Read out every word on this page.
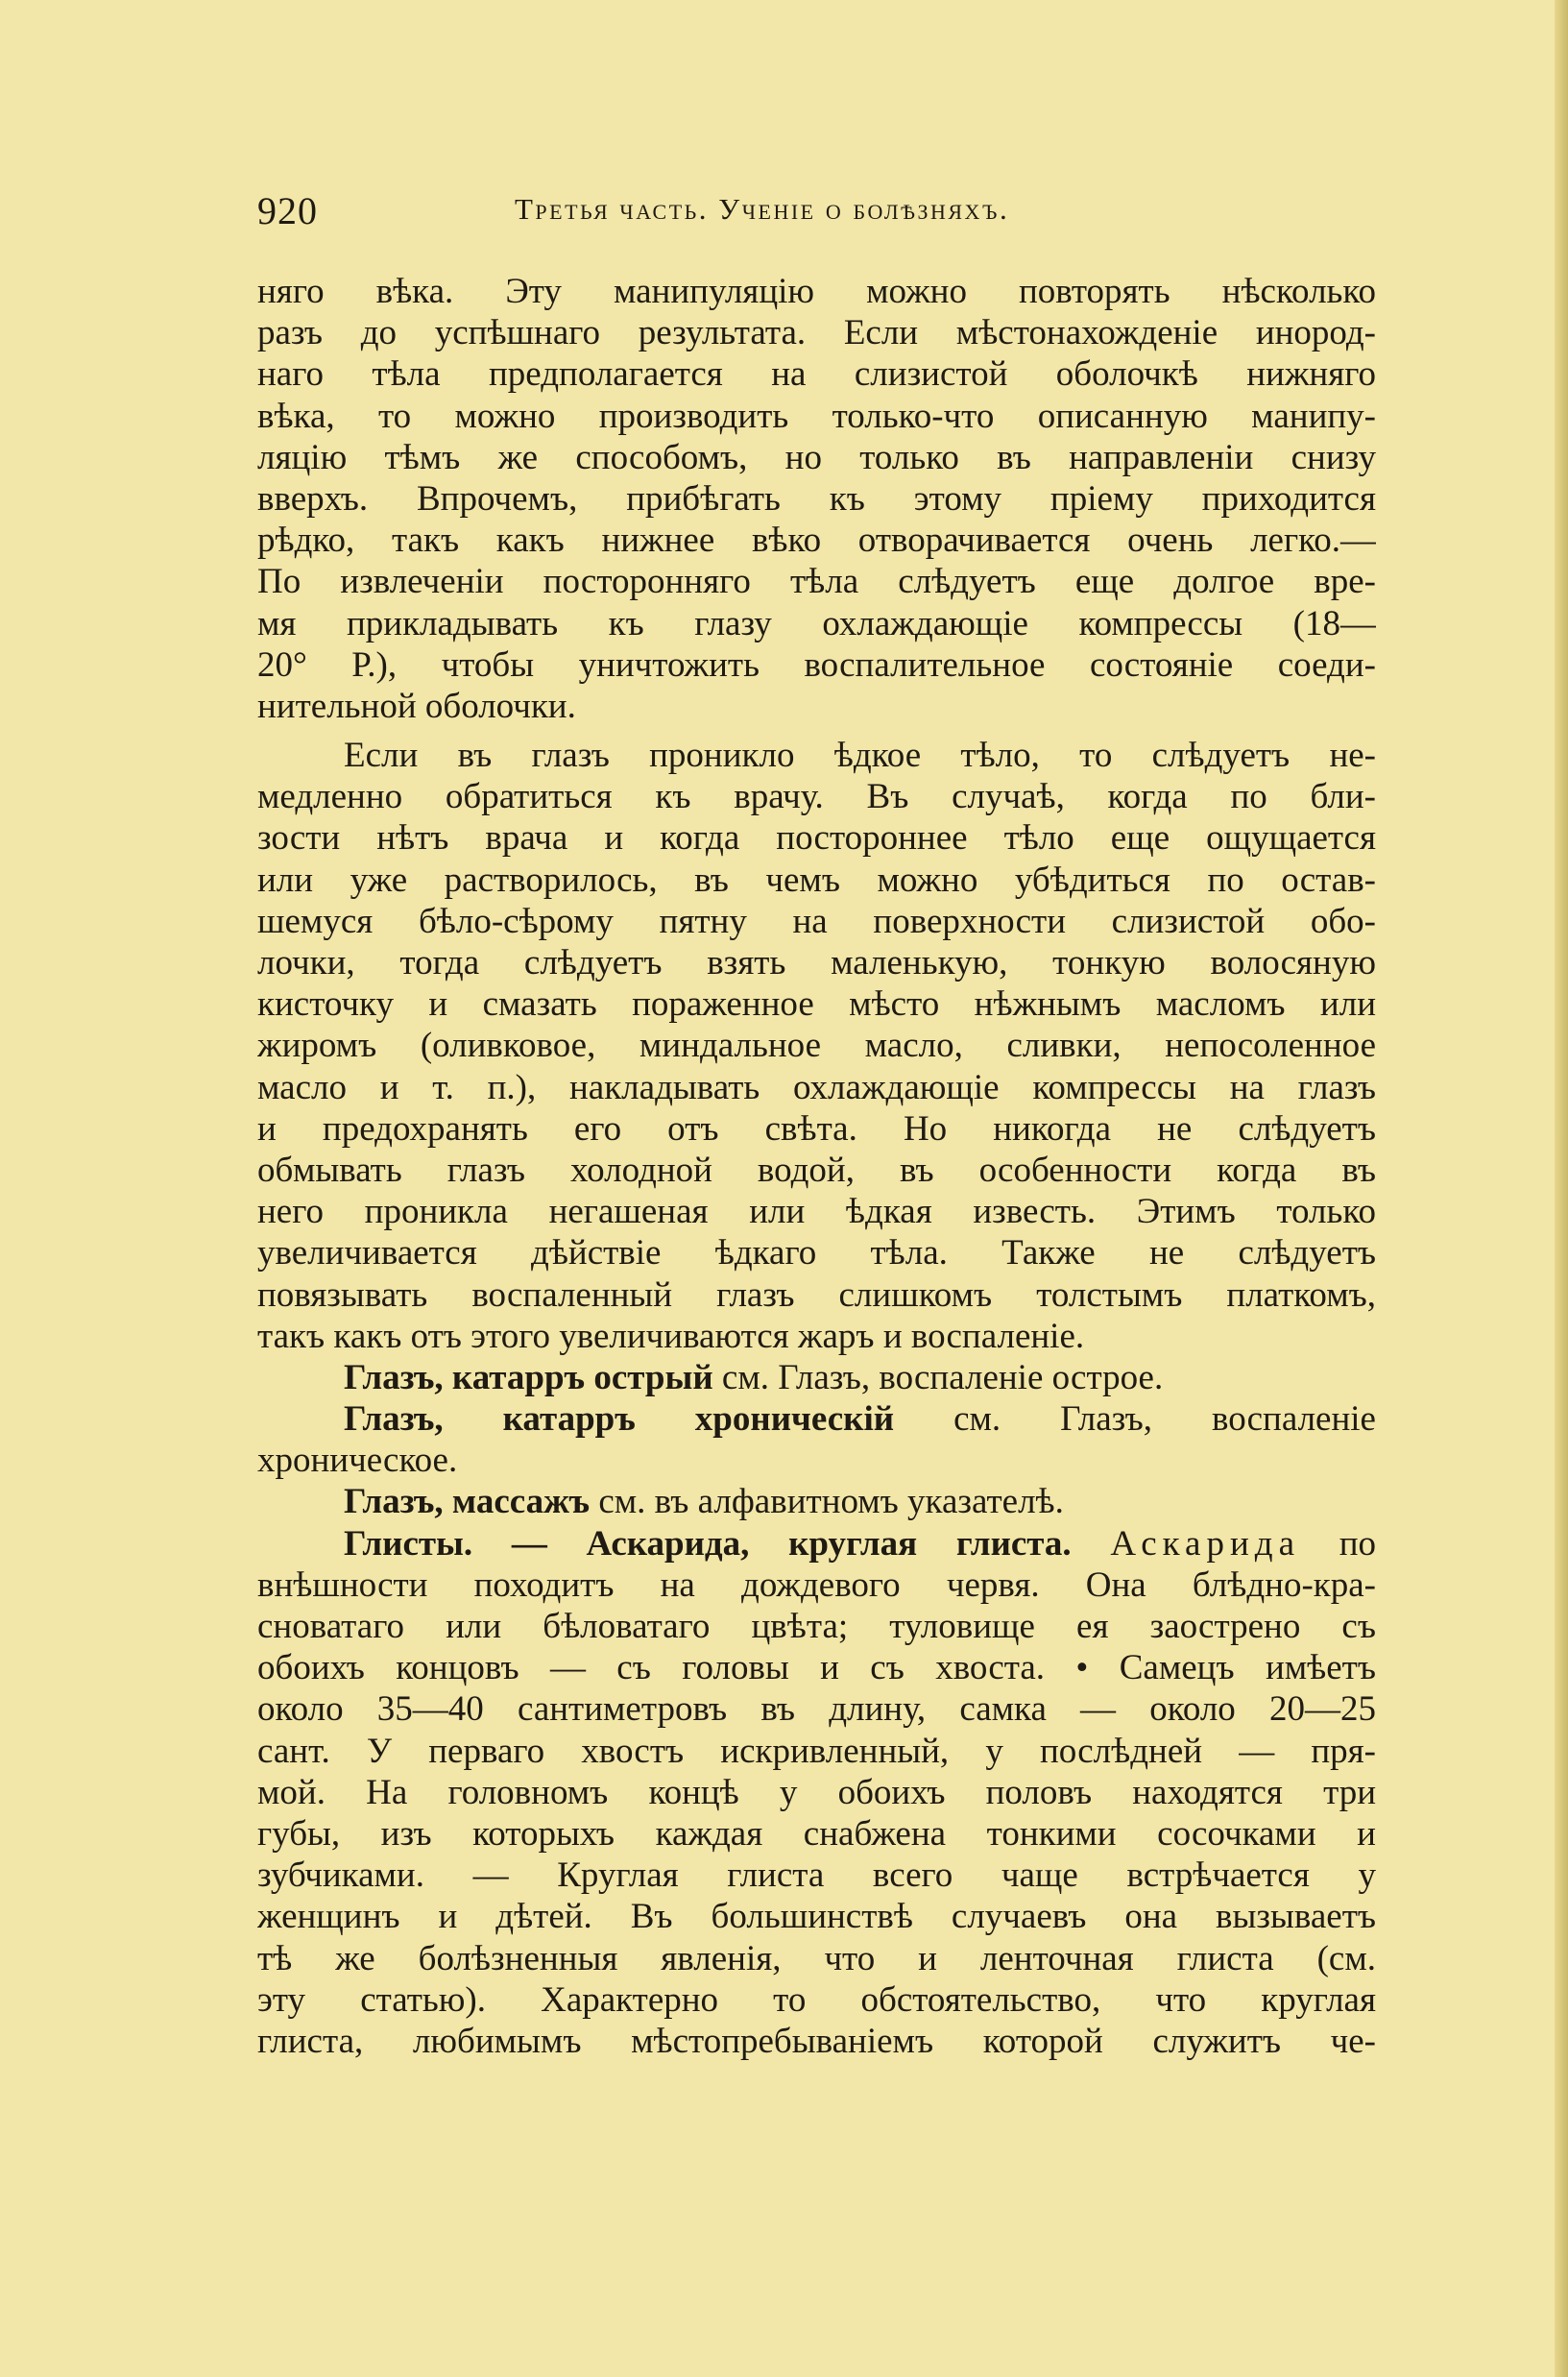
920	Третья часть. Ученіе о болѣзняхъ.
няго вѣка. Эту манипуляцію можно повторять нѣсколько
разъ до успѣшнаго результата. Если мѣстонахожденіе инород-
наго тѣла предполагается на слизистой оболочкѣ нижняго
вѣка, то можно производить только-что описанную манипу-
ляцію тѣмъ же способомъ, но только въ направленіи снизу
вверхъ. Впрочемъ, прибѣгать къ этому пріему приходится
рѣдко, такъ какъ нижнее вѣко отворачивается очень легко.—
По извлеченіи посторонняго тѣла слѣдуетъ еще долгое вре-
мя прикладывать къ глазу охлаждающіе компрессы (18—
20° Р.), чтобы уничтожить воспалительное состояніе соеди-
нительной оболочки.
Если въ глазъ проникло ѣдкое тѣло, то слѣдуетъ не-
медленно обратиться къ врачу. Въ случаѣ, когда по бли-
зости нѣтъ врача и когда постороннее тѣло еще ощущается
или уже растворилось, въ чемъ можно убѣдиться по остав-
шемуся бѣло-сѣрому пятну на поверхности слизистой обо-
лочки, тогда слѣдуетъ взять маленькую, тонкую волосяную
кисточку и смазать пораженное мѣсто нѣжнымъ масломъ или
жиромъ (оливковое, миндальное масло, сливки, непосоленное
масло и т. п.), накладывать охлаждающіе компрессы на глазъ
и предохранять его отъ свѣта. Но никогда не слѣдуетъ
обмывать глазъ холодной водой, въ особенности когда въ
него проникла негашеная или ѣдкая известь. Этимъ только
увеличивается дѣйствіе ѣдкаго тѣла. Также не слѣдуетъ
повязывать воспаленный глазъ слишкомъ толстымъ платкомъ,
такъ какъ отъ этого увеличиваются жаръ и воспаленіе.
Глазъ, катарръ острый см. Глазъ, воспаленіе острое.
Глазъ, катарръ хроническій см. Глазъ, воспаленіе
хроническое.
Глазъ, массажъ см. въ алфавитномъ указателѣ.
Глисты. — Аскарида, круглая глиста. Аскарида по
внѣшности походитъ на дождевого червя. Она блѣдно-кра-
сноватаго или бѣловатаго цвѣта; туловище ея заострено съ
обоихъ концовъ — съ головы и съ хвоста. • Самецъ имѣетъ
около 35—40 сантиметровъ въ длину, самка — около 20—25
сант. У перваго хвостъ искривленный, у послѣдней — пря-
мой. На головномъ концѣ у обоихъ половъ находятся три
губы, изъ которыхъ каждая снабжена тонкими сосочками и
зубчиками. — Круглая глиста всего чаще встрѣчается у
женщинъ и дѣтей. Въ большинствѣ случаевъ она вызываетъ
тѣ же болѣзненныя явленія, что и ленточная глиста (см.
эту статью). Характерно то обстоятельство, что круглая
глиста, любимымъ мѣстопребываніемъ которой служитъ че-
